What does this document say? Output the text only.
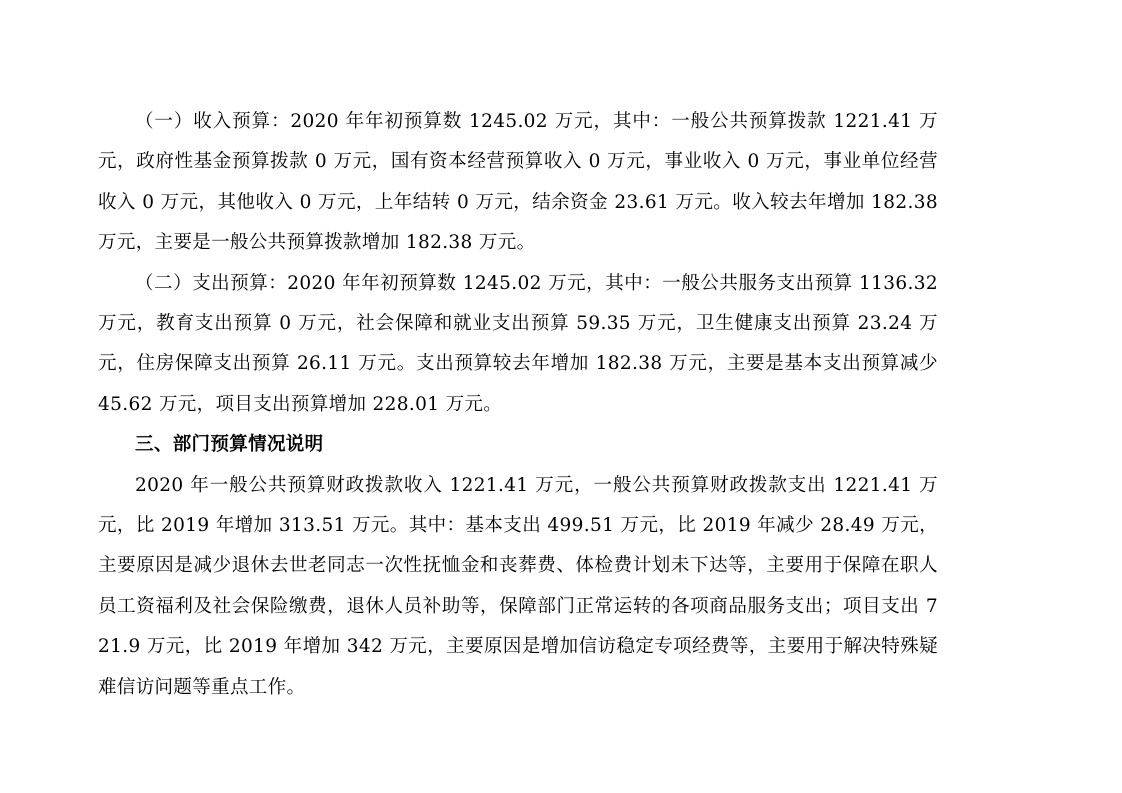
（一）收入预算：2020 年年初预算数 1245.02 万元，其中：一般公共预算拨款 1221.41 万元，政府性基金预算拨款 0 万元，国有资本经营预算收入 0 万元，事业收入 0 万元，事业单位经营收入 0 万元，其他收入 0 万元，上年结转 0 万元，结余资金 23.61 万元。收入较去年增加 182.38 万元，主要是一般公共预算拨款增加 182.38 万元。

（二）支出预算：2020 年年初预算数 1245.02 万元，其中：一般公共服务支出预算 1136.32 万元，教育支出预算 0 万元，社会保障和就业支出预算 59.35 万元，卫生健康支出预算 23.24 万元，住房保障支出预算 26.11 万元。支出预算较去年增加 182.38 万元，主要是基本支出预算减少 45.62 万元，项目支出预算增加 228.01 万元。

三、部门预算情况说明

2020 年一般公共预算财政拨款收入 1221.41 万元，一般公共预算财政拨款支出 1221.41 万元，比 2019 年增加 313.51 万元。其中：基本支出 499.51 万元，比 2019 年减少 28.49 万元，主要原因是减少退休去世老同志一次性抚恤金和丧葬费、体检费计划未下达等，主要用于保障在职人员工资福利及社会保险缴费，退休人员补助等，保障部门正常运转的各项商品服务支出；项目支出 721.9 万元，比 2019 年增加 342 万元，主要原因是增加信访稳定专项经费等，主要用于解决特殊疑难信访问题等重点工作。
